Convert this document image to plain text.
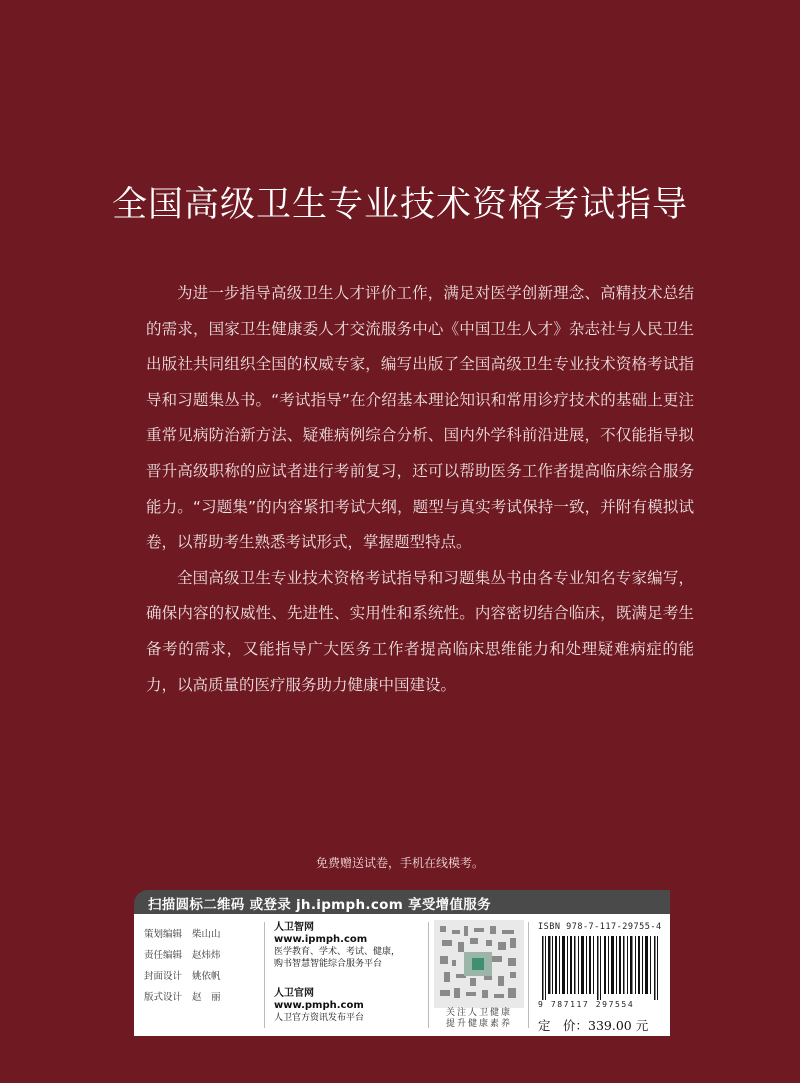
全国高级卫生专业技术资格考试指导

为进一步指导高级卫生人才评价工作，满足对医学创新理念、高精技术总结的需求，国家卫生健康委人才交流服务中心《中国卫生人才》杂志社与人民卫生出版社共同组织全国的权威专家，编写出版了全国高级卫生专业技术资格考试指导和习题集丛书。“考试指导”在介绍基本理论知识和常用诊疗技术的基础上更注重常见病防治新方法、疑难病例综合分析、国内外学科前沿进展，不仅能指导拟晋升高级职称的应试者进行考前复习，还可以帮助医务工作者提高临床综合服务能力。“习题集”的内容紧扣考试大纲，题型与真实考试保持一致，并附有模拟试卷，以帮助考生熟悉考试形式，掌握题型特点。

全国高级卫生专业技术资格考试指导和习题集丛书由各专业知名专家编写，确保内容的权威性、先进性、实用性和系统性。内容密切结合临床，既满足考生备考的需求，又能指导广大医务工作者提高临床思维能力和处理疑难病症的能力，以高质量的医疗服务助力健康中国建设。

免费赠送试卷，手机在线模考。
扫描圆标二维码 或登录 jh.ipmph.com 享受增值服务
策划编辑 柴山山
责任编辑 赵炜炜
封面设计 姚依帆
版式设计 赵　丽
人卫智网
www.ipmph.com
医学教育、学术、考试、健康，
购书智慧智能综合服务平台
人卫官网
www.pmph.com
人卫官方资讯发布平台	关注人卫健康
提升健康素养
ISBN 978-7-117-29755-4
9 787117 297554
定　价：339.00 元
